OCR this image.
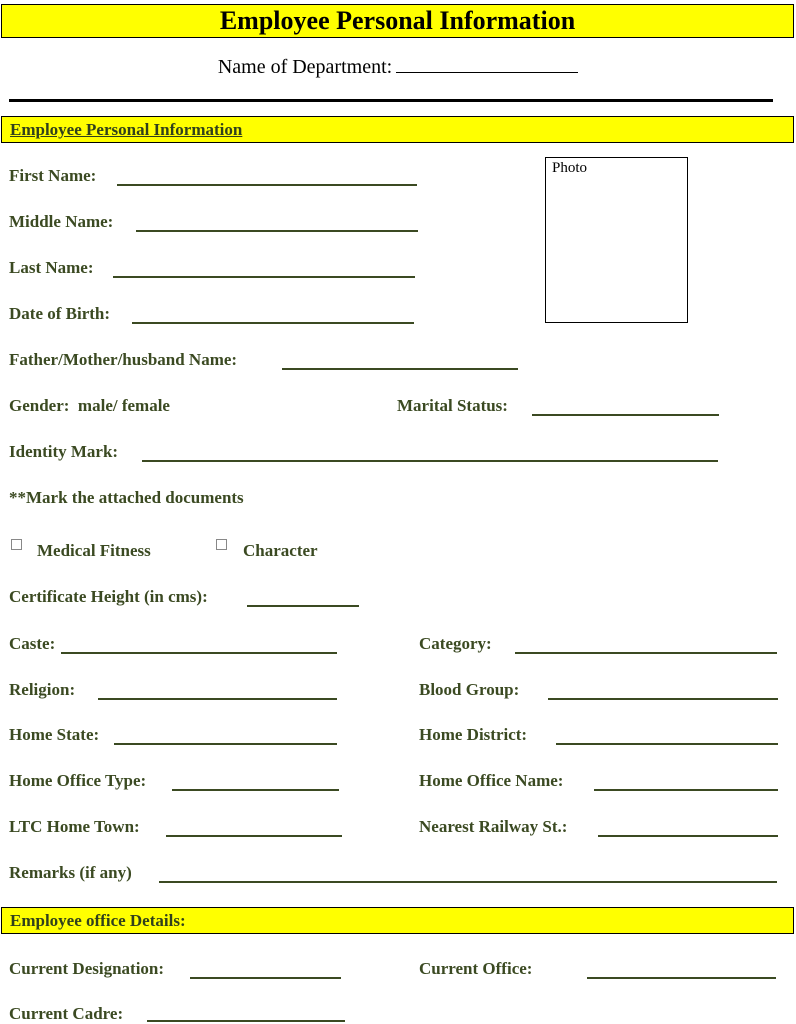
Employee Personal Information
Name of Department:
Employee Personal Information
Photo
First Name:
Middle Name:
Last Name:
Date of Birth:
Father/Mother/husband Name:
Gender:  male/ female	Marital Status:
Identity Mark:
**Mark the attached documents
Medical Fitness	Character
Certificate Height (in cms):
Caste:	Category:
Religion:	Blood Group:
Home State:	Home District:
Home Office Type:	Home Office Name:
LTC Home Town:	Nearest Railway St.:
Remarks (if any)
Employee office Details:
Current Designation:	Current Office:
Current Cadre:
